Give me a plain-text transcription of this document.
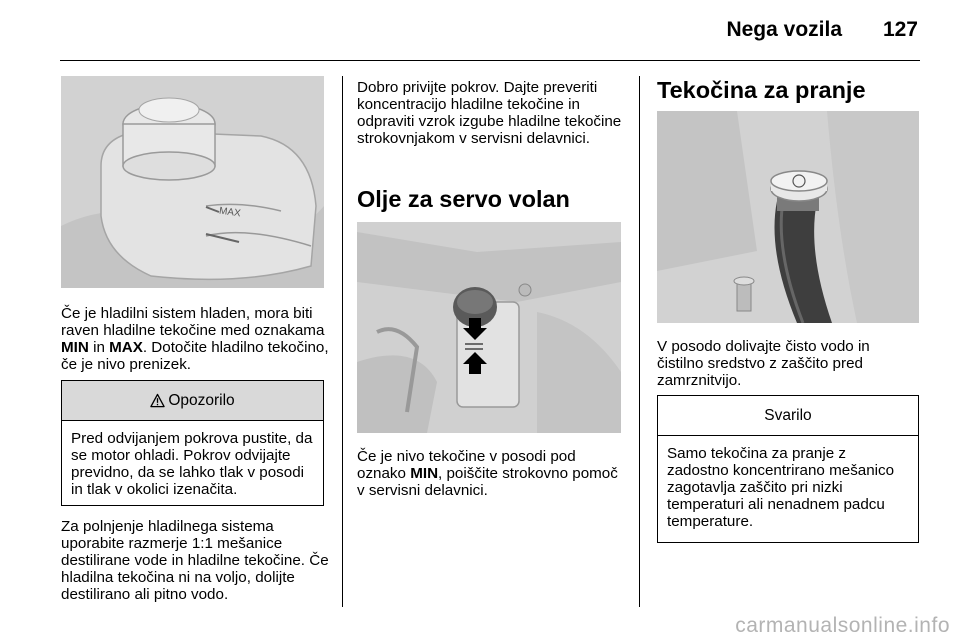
Nega vozila 127
MAX
Če je hladilni sistem hladen, mora biti raven hladilne tekočine med oznakama MIN in MAX. Dotočite hladilno tekočino, če je nivo prenizek.
Opozorilo
Pred odvijanjem pokrova pustite, da se motor ohladi. Pokrov odvijajte previdno, da se lahko tlak v posodi in tlak v okolici izenačita.
Za polnjenje hladilnega sistema uporabite razmerje 1:1 mešanice destilirane vode in hladilne tekočine. Če hladilna tekočina ni na voljo, dolijte destilirano ali pitno vodo.
Dobro privijte pokrov. Dajte preveriti koncentracijo hladilne tekočine in odpraviti vzrok izgube hladilne tekočine strokovnjakom v servisni delavnici.
Olje za servo volan
Če je nivo tekočine v posodi pod oznako MIN, poiščite strokovno pomoč v servisni delavnici.
Tekočina za pranje
V posodo dolivajte čisto vodo in čistilno sredstvo z zaščito pred zamrznitvijo.
Svarilo
Samo tekočina za pranje z zadostno koncentrirano mešanico zagotavlja zaščito pri nizki temperaturi ali nenadnem padcu temperature.
carmanualsonline.info
